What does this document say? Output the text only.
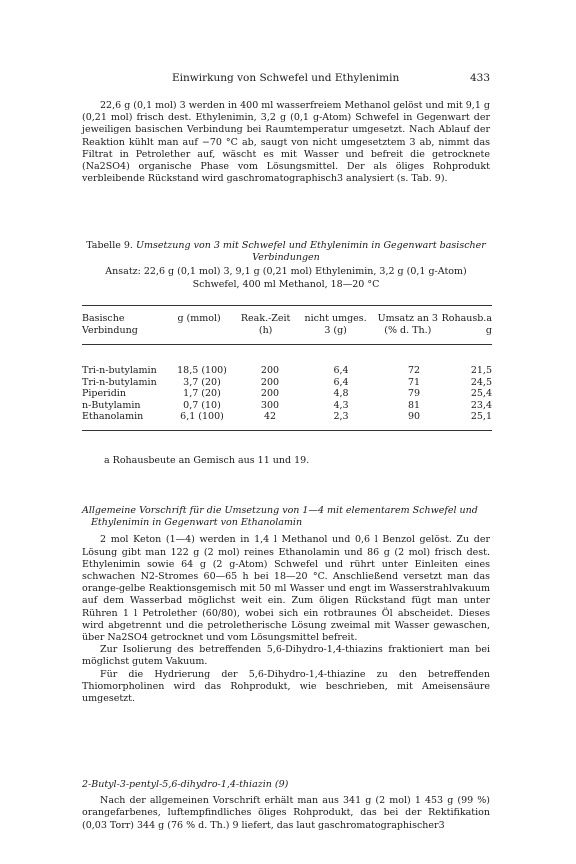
Einwirkung von Schwefel und Ethylenimin	433

22,6 g (0,1 mol) 3 werden in 400 ml wasserfreiem Methanol gelöst und mit 9,1 g (0,21 mol) frisch dest. Ethylenimin, 3,2 g (0,1 g-Atom) Schwefel in Gegenwart der jeweiligen basischen Verbindung bei Raumtemperatur umgesetzt. Nach Ablauf der Reaktion kühlt man auf −70 °C ab, saugt von nicht umgesetztem 3 ab, nimmt das Filtrat in Petrolether auf, wäscht es mit Wasser und befreit die getrocknete (Na2SO4) organische Phase vom Lösungsmittel. Der als öliges Rohprodukt verbleibende Rückstand wird gaschromatographisch3 analysiert (s. Tab. 9).

Tabelle 9. Umsetzung von 3 mit Schwefel und Ethylenimin in Gegenwart basischer Verbindungen
Ansatz: 22,6 g (0,1 mol) 3, 9,1 g (0,21 mol) Ethylenimin, 3,2 g (0,1 g-Atom)
Schwefel, 400 ml Methanol, 18—20 °C
Basische	g (mmol)	Reak.-Zeit	nicht umges.	Umsatz an 3	Rohausb.a
Verbindung		(h)	3 (g)	(% d. Th.)	g
Tri-n-butylamin	18,5 (100)	200	6,4	72	21,5
Tri-n-butylamin	3,7 (20)	200	6,4	71	24,5
Piperidin	1,7 (20)	200	4,8	79	25,4
n-Butylamin	0,7 (10)	300	4,3	81	23,4
Ethanolamin	6,1 (100)	42	2,3	90	25,1
a Rohausbeute an Gemisch aus 11 und 19.
Allgemeine Vorschrift für die Umsetzung von 1—4 mit elementarem Schwefel und
Ethylenimin in Gegenwart von Ethanolamin

2 mol Keton (1—4) werden in 1,4 l Methanol und 0,6 l Benzol gelöst. Zu der Lösung gibt man 122 g (2 mol) reines Ethanolamin und 86 g (2 mol) frisch dest. Ethylenimin sowie 64 g (2 g-Atom) Schwefel und rührt unter Einleiten eines schwachen N2-Stromes 60—65 h bei 18—20 °C. Anschließend versetzt man das orange-gelbe Reaktionsgemisch mit 50 ml Wasser und engt im Wasserstrahlvakuum auf dem Wasserbad möglichst weit ein. Zum öligen Rückstand fügt man unter Rühren 1 l Petrolether (60/80), wobei sich ein rotbraunes Öl abscheidet. Dieses wird abgetrennt und die petroletherische Lösung zweimal mit Wasser gewaschen, über Na2SO4 getrocknet und vom Lösungsmittel befreit.

Zur Isolierung des betreffenden 5,6-Dihydro-1,4-thiazins fraktioniert man bei möglichst gutem Vakuum.

Für die Hydrierung der 5,6-Dihydro-1,4-thiazine zu den betreffenden Thiomorpholinen wird das Rohprodukt, wie beschrieben, mit Ameisensäure umgesetzt.

2-Butyl-3-pentyl-5,6-dihydro-1,4-thiazin (9)

Nach der allgemeinen Vorschrift erhält man aus 341 g (2 mol) 1 453 g (99 %) orangefarbenes, luftempfindliches öliges Rohprodukt, das bei der Rektifikation (0,03 Torr) 344 g (76 % d. Th.) 9 liefert, das laut gaschromatographischer3
